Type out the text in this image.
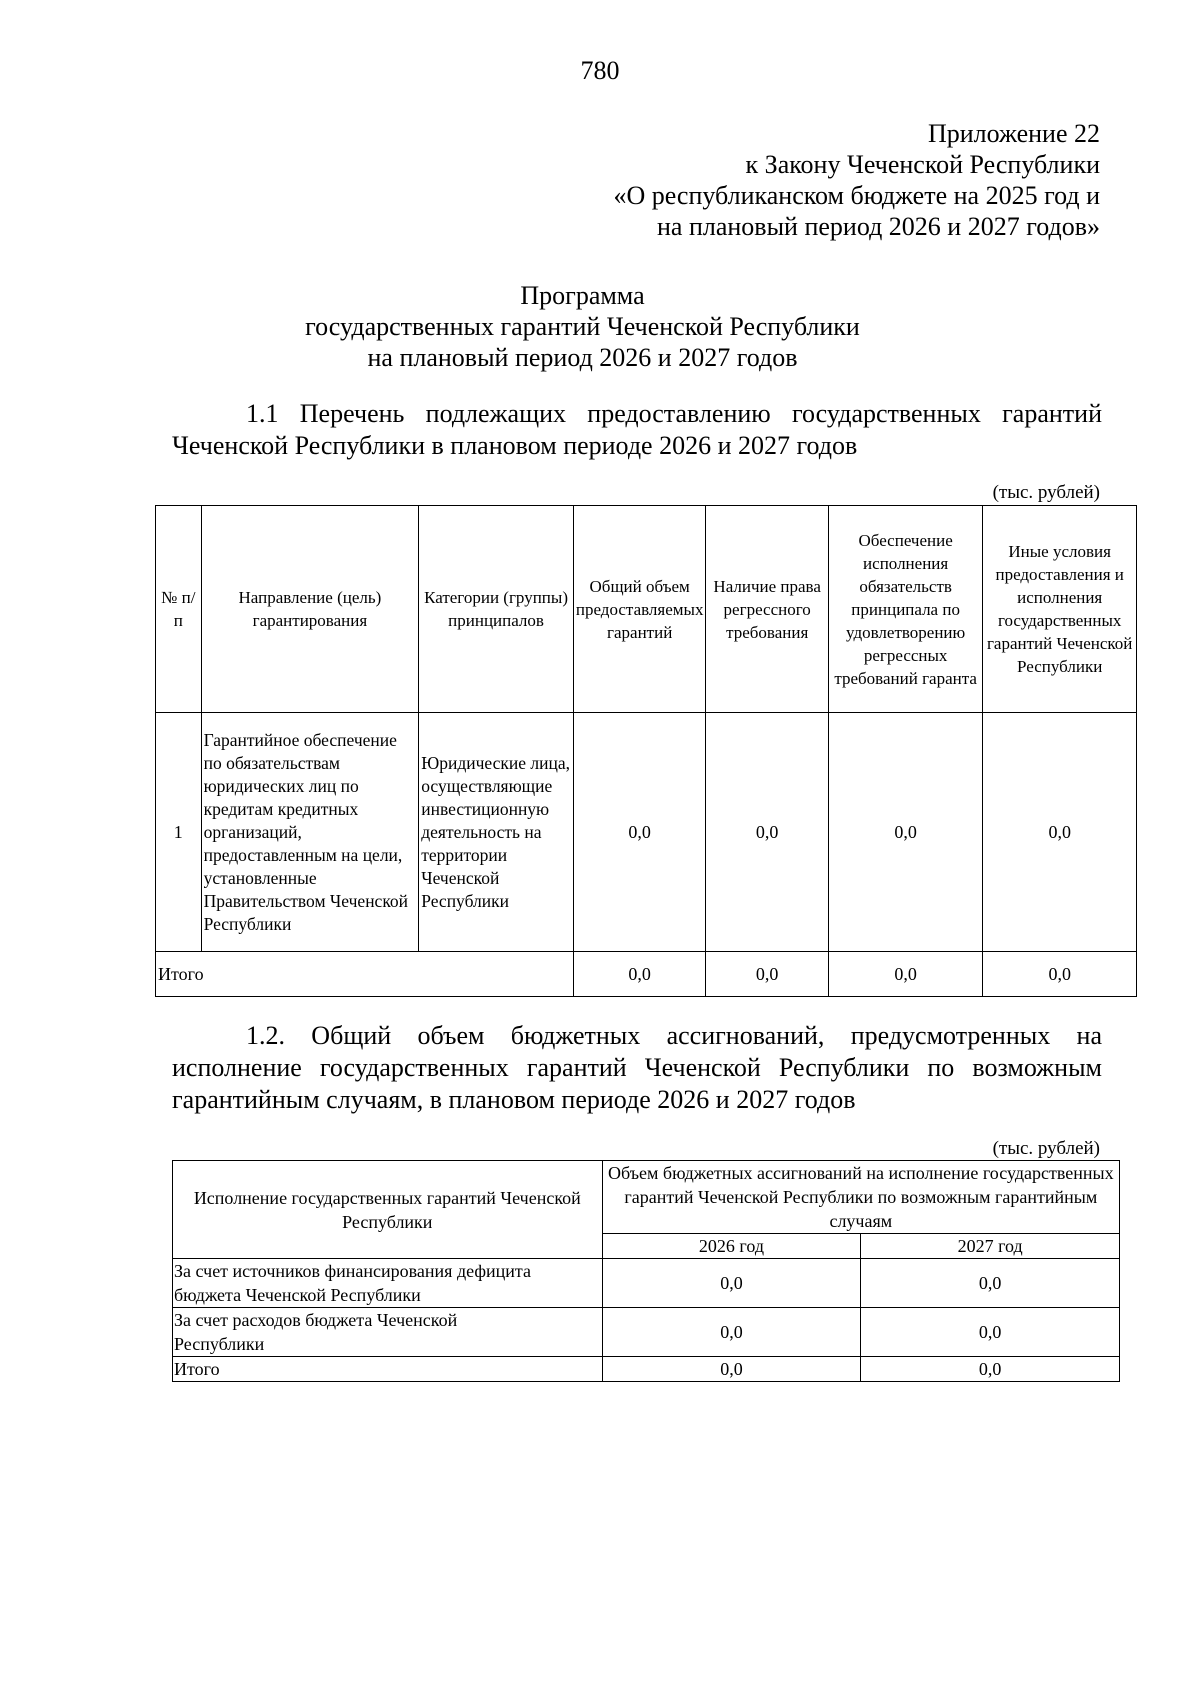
780
Приложение 22
к Закону Чеченской Республики
«О республиканском бюджете на 2025 год и
на плановый период 2026 и 2027 годов»
Программа
государственных гарантий Чеченской Республики
на плановый период 2026 и 2027 годов
1.1 Перечень подлежащих предоставлению государственных гарантий
Чеченской Республики в плановом периоде 2026 и 2027 годов
(тыс. рублей)
№ п/п	Направление (цель) гарантирования	Категории (группы) принципалов	Общий объем предоставляемых гарантий	Наличие права регрессного требования	Обеспечение исполнения обязательств принципала по удовлетворению регрессных требований гаранта	Иные условия предоставления и исполнения государственных гарантий Чеченской Республики
1	Гарантийное обеспечение по обязательствам юридических лиц по кредитам кредитных организаций, предоставленным на цели, установленные Правительством Чеченской Республики	Юридические лица, осуществляющие инвестиционную деятельность на территории Чеченской Республики	0,0	0,0	0,0	0,0
Итого			0,0	0,0	0,0	0,0
1.2. Общий объем бюджетных ассигнований, предусмотренных на
исполнение государственных гарантий Чеченской Республики по возможным
гарантийным случаям, в плановом периоде 2026 и 2027 годов
(тыс. рублей)
Исполнение государственных гарантий Чеченской Республики	Объем бюджетных ассигнований на исполнение государственных гарантий Чеченской Республики по возможным гарантийным случаям	
	2026 год	2027 год
За счет источников финансирования дефицита бюджета Чеченской Республики	0,0	0,0
За счет расходов бюджета Чеченской Республики	0,0	0,0
Итого	0,0	0,0
